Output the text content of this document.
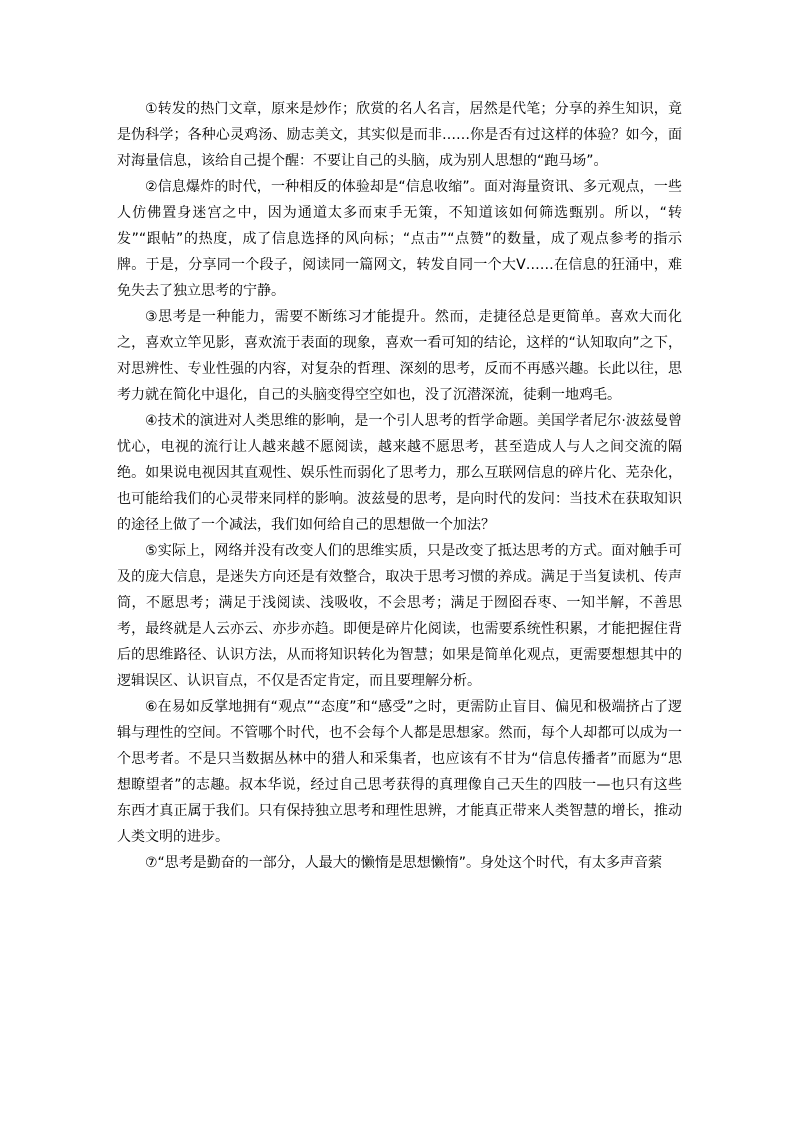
①转发的热门文章，原来是炒作；欣赏的名人名言，居然是代笔；分享的养生知识，竟是伪科学；各种心灵鸡汤、励志美文，其实似是而非……你是否有过这样的体验？如今，面对海量信息，该给自己提个醒：不要让自己的头脑，成为别人思想的“跑马场”。

②信息爆炸的时代，一种相反的体验却是“信息收缩”。面对海量资讯、多元观点，一些人仿佛置身迷宫之中，因为通道太多而束手无策，不知道该如何筛选甄别。所以，“转发”“跟帖”的热度，成了信息选择的风向标；“点击”“点赞”的数量，成了观点参考的指示牌。于是，分享同一个段子，阅读同一篇网文，转发自同一个大V……在信息的狂涌中，难免失去了独立思考的宁静。

③思考是一种能力，需要不断练习才能提升。然而，走捷径总是更简单。喜欢大而化之，喜欢立竿见影，喜欢流于表面的现象，喜欢一看可知的结论，这样的“认知取向”之下，对思辨性、专业性强的内容，对复杂的哲理、深刻的思考，反而不再感兴趣。长此以往，思考力就在简化中退化，自己的头脑变得空空如也，没了沉潜深流，徒剩一地鸡毛。

④技术的演进对人类思维的影响，是一个引人思考的哲学命题。美国学者尼尔·波兹曼曾忧心，电视的流行让人越来越不愿阅读，越来越不愿思考，甚至造成人与人之间交流的隔绝。如果说电视因其直观性、娱乐性而弱化了思考力，那么互联网信息的碎片化、芜杂化，也可能给我们的心灵带来同样的影响。波兹曼的思考，是向时代的发问：当技术在获取知识的途径上做了一个减法，我们如何给自己的思想做一个加法？

⑤实际上，网络并没有改变人们的思维实质，只是改变了抵达思考的方式。面对触手可及的庞大信息，是迷失方向还是有效整合，取决于思考习惯的养成。满足于当复读机、传声筒，不愿思考；满足于浅阅读、浅吸收，不会思考；满足于囫囵吞枣、一知半解，不善思考，最终就是人云亦云、亦步亦趋。即便是碎片化阅读，也需要系统性积累，才能把握住背后的思维路径、认识方法，从而将知识转化为智慧；如果是简单化观点，更需要想想其中的逻辑误区、认识盲点，不仅是否定肯定，而且要理解分析。

⑥在易如反掌地拥有“观点”“态度”和“感受”之时，更需防止盲目、偏见和极端挤占了逻辑与理性的空间。不管哪个时代，也不会每个人都是思想家。然而，每个人却都可以成为一个思考者。不是只当数据丛林中的猎人和采集者，也应该有不甘为“信息传播者”而愿为“思想瞭望者”的志趣。叔本华说，经过自己思考获得的真理像自己天生的四肢一—也只有这些东西才真正属于我们。只有保持独立思考和理性思辨，才能真正带来人类智慧的增长，推动人类文明的进步。

⑦“思考是勤奋的一部分，人最大的懒惰是思想懒惰”。身处这个时代，有太多声音萦
